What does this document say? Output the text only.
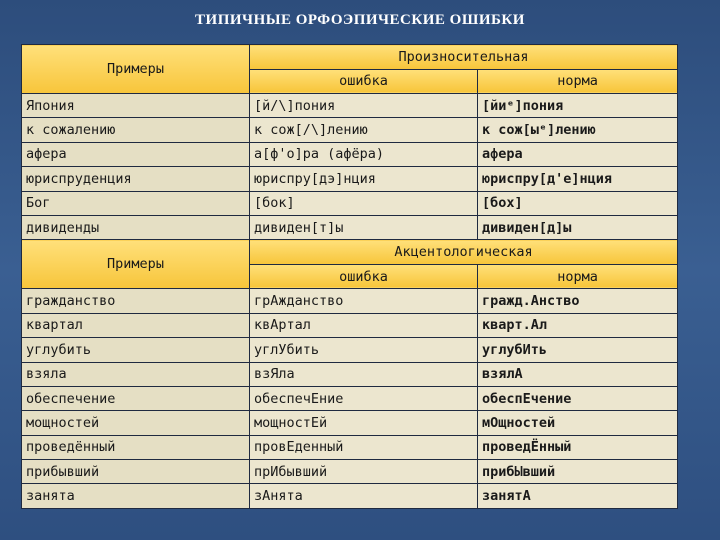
ТИПИЧНЫЕ ОРФОЭПИЧЕСКИЕ ОШИБКИ
Примеры	Произносительная	
	ошибка	норма
Япония	[й/\]пония	[йиᵉ]пония
к сожалению	к сож[/\]лению	к сож[ыᵉ]лению
афера	а[ф'о]ра (афёра)	афера
юриспруденция	юриспру[дэ]нция	юриспру[д'е]нция
Бог	[бок]	[бох]
дивиденды	дивиден[т]ы	дивиден[д]ы
Примеры	Акцентологическая	
	ошибка	норма
гражданство	грАжданство	гражд.Анство
квартал	квАртал	кварт.Ал
углубить	углУбить	углубИть
взяла	взЯла	взялА
обеспечение	обеспечЕние	обеспЕчение
мощностей	мощностЕй	мОщностей
проведённый	провЕденный	проведЁнный
прибывший	прИбывший	прибЫвший
занята	зАнята	занятА
